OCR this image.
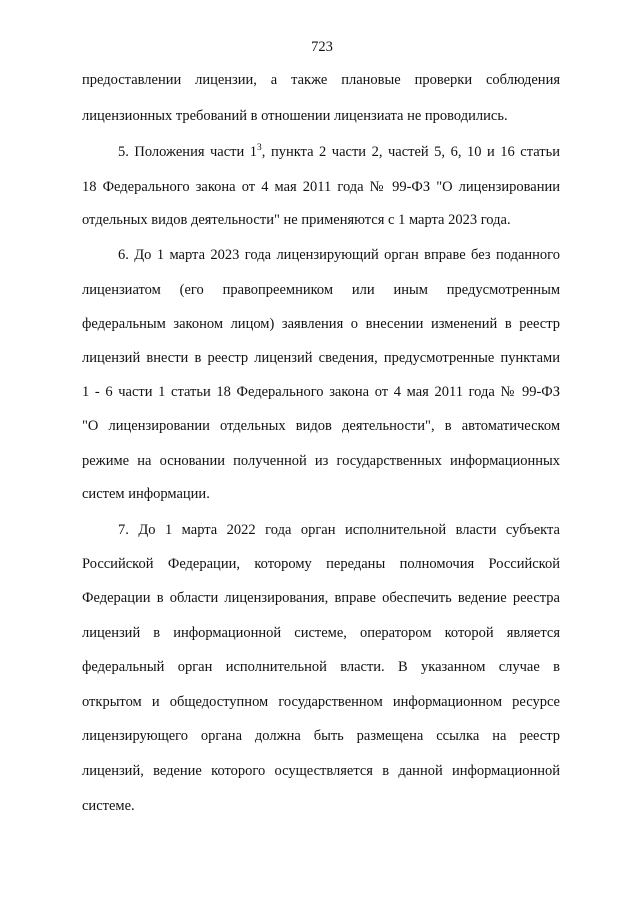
723
предоставлении лицензии, а также плановые проверки соблюдения
лицензионных требований в отношении лицензиата не проводились.
5. Положения части $1^3$, пункта 2 части 2, частей 5, 6, 10 и 16 статьи
18 Федерального закона от 4 мая 2011 года № 99-ФЗ "О лицензировании
отдельных видов деятельности" не применяются с 1 марта 2023 года.
6. До 1 марта 2023 года лицензирующий орган вправе без поданного
лицензиатом (его правопреемником или иным предусмотренным
федеральным законом лицом) заявления о внесении изменений в реестр
лицензий внести в реестр лицензий сведения, предусмотренные пунктами
1 - 6 части 1 статьи 18 Федерального закона от 4 мая 2011 года № 99-ФЗ
"О лицензировании отдельных видов деятельности", в автоматическом
режиме на основании полученной из государственных информационных
систем информации.
7. До 1 марта 2022 года орган исполнительной власти субъекта
Российской Федерации, которому переданы полномочия Российской
Федерации в области лицензирования, вправе обеспечить ведение реестра
лицензий в информационной системе, оператором которой является
федеральный орган исполнительной власти. В указанном случае в
открытом и общедоступном государственном информационном ресурсе
лицензирующего органа должна быть размещена ссылка на реестр
лицензий, ведение которого осуществляется в данной информационной
системе.
